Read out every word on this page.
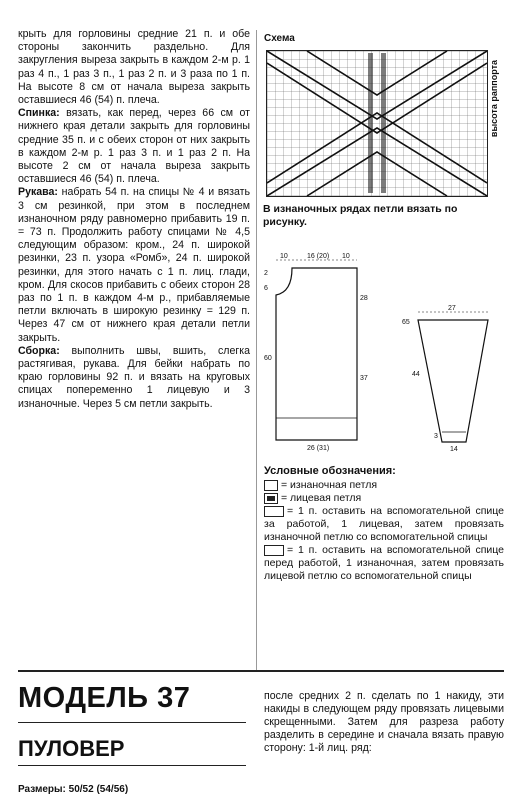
крыть для горловины средние 21 п. и обе стороны закончить раздельно. Для закругления выреза закрыть в каждом 2-м р. 1 раз 4 п., 1 раз 3 п., 1 раз 2 п. и 3 раза по 1 п. На высоте 8 см от начала выреза закрыть оставшиеся 46 (54) п. плеча.

Спинка: вязать, как перед, через 66 см от нижнего края детали закрыть для горловины средние 35 п. и с обеих сторон от них закрыть в каждом 2-м р. 1 раз 3 п. и 1 раз 2 п. На высоте 2 см от начала выреза закрыть оставшиеся 46 (54) п. плеча.

Рукава: набрать 54 п. на спицы № 4 и вязать 3 см резинкой, при этом в последнем изнаночном ряду равномерно прибавить 19 п. = 73 п. Продолжить работу спицами № 4,5 следующим образом: кром., 24 п. широкой резинки, 23 п. узора «Ромб», 24 п. широкой резинки, для этого начать с 1 п. лиц. глади, кром. Для скосов прибавить с обеих сторон 28 раз по 1 п. в каждом 4-м р., прибавляемые петли включать в широкую резинку = 129 п. Через 47 см от нижнего края детали петли закрыть.

Сборка: выполнить швы, вшить, слегка растягивая, рукава. Для бейки набрать по краю горловины 92 п. и вязать на круговых спицах попеременно 1 лицевую и 3 изнаночные. Через 5 см петли закрыть.

Схема
высота раппорта
В изнаночных рядах петли вязать по рисунку.
10	16 (20) 10
2
6
28
60
37
26 (31)
27
65
44
14
3

Условные обозначения:

= изнаночная петля

= лицевая петля

= 1 п. оставить на вспомогательной спице за работой, 1 лицевая, затем провязать изнаночной петлю со вспомогательной спицы

= 1 п. оставить на вспомогательной спице перед работой, 1 изнаночная, затем провязать лицевой петлю со вспомогательной спицы

МОДЕЛЬ 37
ПУЛОВЕР
Размеры: 50/52 (54/56)

после средних 2 п. сделать по 1 накиду, эти накиды в следующем ряду провязать лицевыми скрещенными. Затем для разреза работу разделить в середине и сначала вязать правую сторону: 1-й лиц. ряд:
